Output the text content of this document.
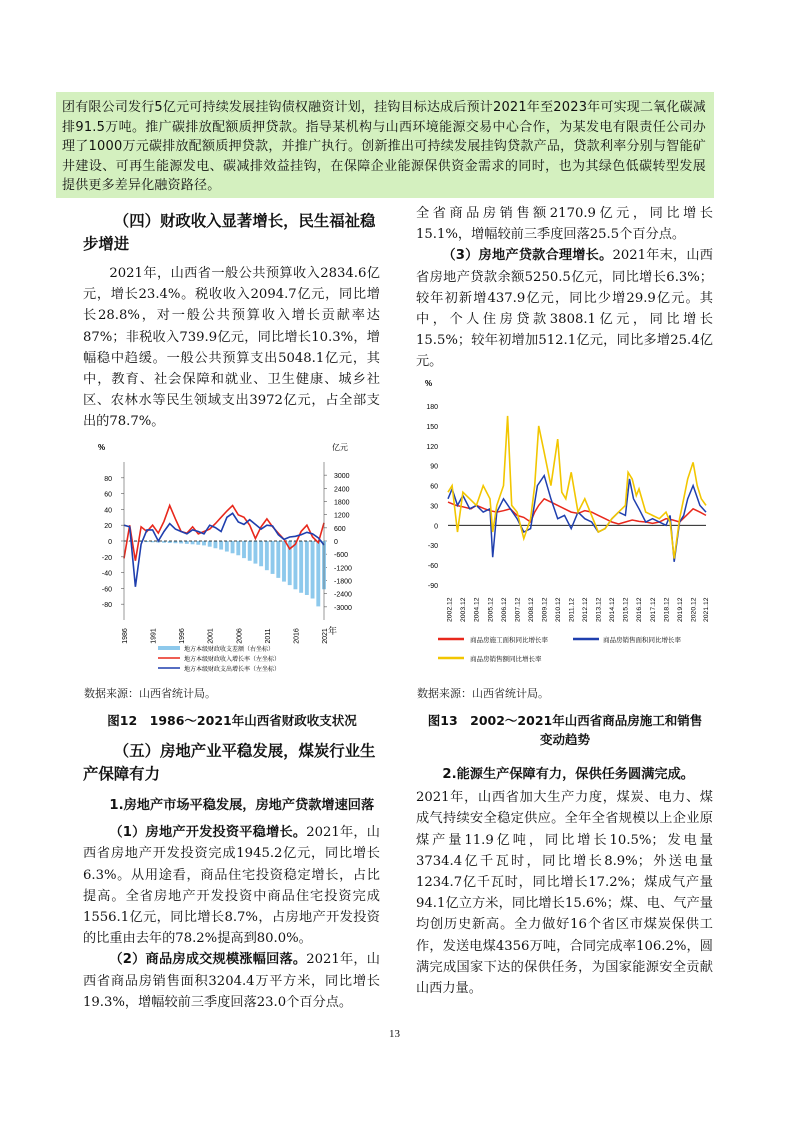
团有限公司发行5亿元可持续发展挂钩债权融资计划，挂钩目标达成后预计2021年至2023年可实现二氧化碳减排91.5万吨。推广碳排放配额质押贷款。指导某机构与山西环境能源交易中心合作，为某发电有限责任公司办理了1000万元碳排放配额质押贷款，并推广执行。创新推出可持续发展挂钩贷款产品，贷款利率分别与智能矿井建设、可再生能源发电、碳减排效益挂钩，在保障企业能源保供资金需求的同时，也为其绿色低碳转型发展提供更多差异化融资路径。

（四）财政收入显著增长，民生福祉稳步增进

2021年，山西省一般公共预算收入2834.6亿元，增长23.4%。税收收入2094.7亿元，同比增长28.8%，对一般公共预算收入增长贡献率达87%；非税收入739.9亿元，同比增长10.3%，增幅稳中趋缓。一般公共预算支出5048.1亿元，其中，教育、社会保障和就业、卫生健康、城乡社区、农林水等民生领域支出3972亿元，占全部支出的78.7%。

%	亿元
80
60
40
20
0
-20
-40
-60
-80
3000
2400
1800
1200
600
0
-600
-1200
-1800
-2400
-3000
1986	1991	1996	2001	2006	2011	2016	2021 年
地方本级财政收支差额（右坐标）
地方本级财政收入增长率（左坐标）
地方本级财政支出增长率（左坐标）
数据来源：山西省统计局。
图12　1986～2021年山西省财政收支状况

（五）房地产业平稳发展，煤炭行业生产保障有力

1.房地产市场平稳发展，房地产贷款增速回落

（1）房地产开发投资平稳增长。2021年，山西省房地产开发投资完成1945.2亿元，同比增长6.3%。从用途看，商品住宅投资稳定增长，占比提高。全省房地产开发投资中商品住宅投资完成1556.1亿元，同比增长8.7%，占房地产开发投资的比重由去年的78.2%提高到80.0%。

（2）商品房成交规模涨幅回落。2021年，山西省商品房销售面积3204.4万平方米，同比增长19.3%，增幅较前三季度回落23.0个百分点。

全省商品房销售额2170.9亿元，同比增长15.1%，增幅较前三季度回落25.5个百分点。

（3）房地产贷款合理增长。2021年末，山西省房地产贷款余额5250.5亿元，同比增长6.3%；较年初新增437.9亿元，同比少增29.9亿元。其中，个人住房贷款3808.1亿元，同比增长15.5%；较年初增加512.1亿元，同比多增25.4亿元。

%
180
150
120
90
60
30
0
-30
-60
-90
2002.12 2003.12 2004.12 2005.12 2006.12 2007.12 2008.12 2009.12 2010.12 2011.12 2012.12 2013.12 2014.12 2015.12 2016.12 2017.12 2018.12 2019.12 2020.12 2021.12
商品房施工面积同比增长率	商品房销售面积同比增长率
商品房销售额同比增长率
数据来源：山西省统计局。
图13　2002～2021年山西省商品房施工和销售
变动趋势

2.能源生产保障有力，保供任务圆满完成。

2021年，山西省加大生产力度，煤炭、电力、煤成气持续安全稳定供应。全年全省规模以上企业原煤产量11.9亿吨，同比增长10.5%；发电量3734.4亿千瓦时，同比增长8.9%；外送电量1234.7亿千瓦时，同比增长17.2%；煤成气产量94.1亿立方米，同比增长15.6%；煤、电、气产量均创历史新高。全力做好16个省区市煤炭保供工作，发送电煤4356万吨，合同完成率106.2%，圆满完成国家下达的保供任务，为国家能源安全贡献山西力量。

13
